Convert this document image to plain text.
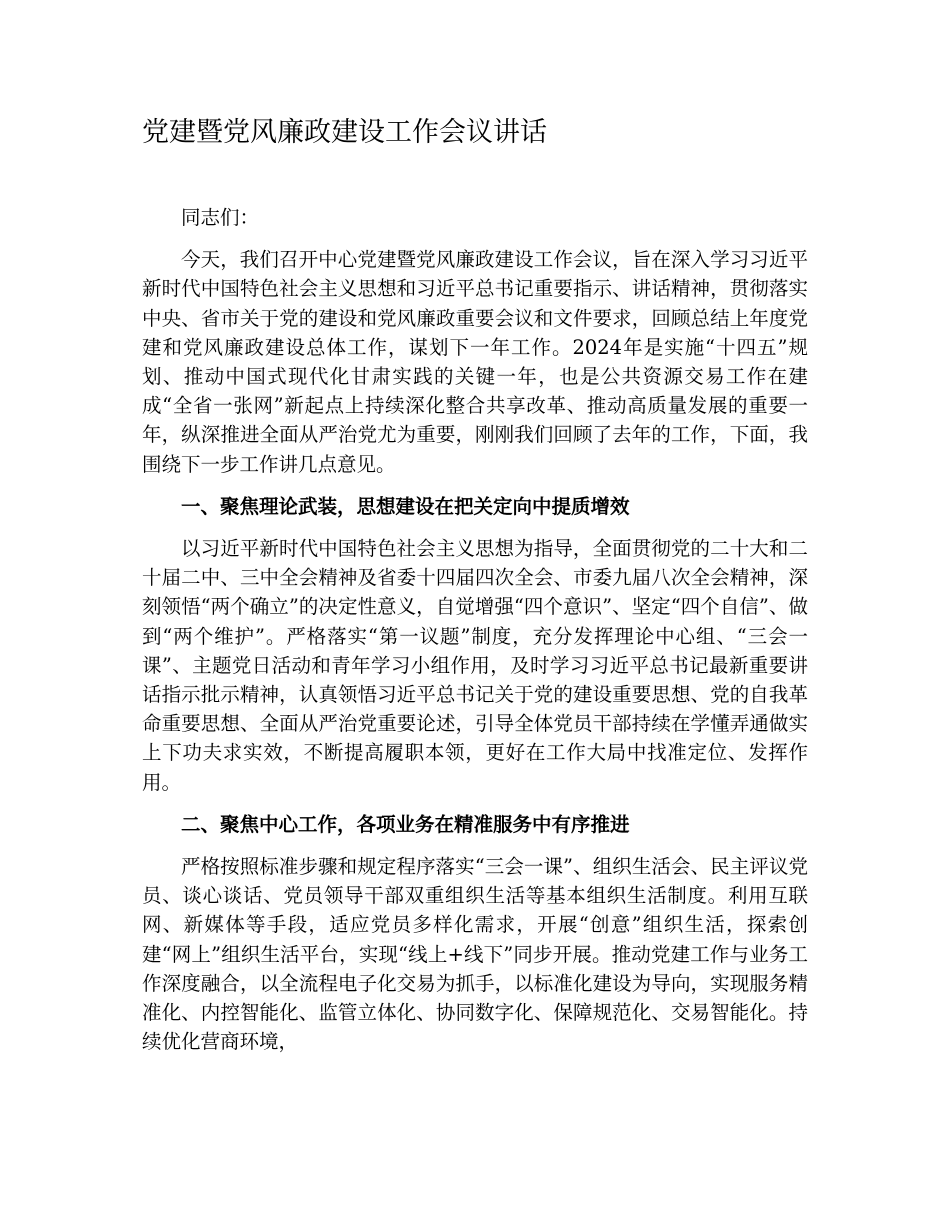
党建暨党风廉政建设工作会议讲话

同志们：

今天，我们召开中心党建暨党风廉政建设工作会议，旨在深入学习习近平新时代中国特色社会主义思想和习近平总书记重要指示、讲话精神，贯彻落实中央、省市关于党的建设和党风廉政重要会议和文件要求，回顾总结上年度党建和党风廉政建设总体工作，谋划下一年工作。2024年是实施“十四五”规划、推动中国式现代化甘肃实践的关键一年，也是公共资源交易工作在建成“全省一张网”新起点上持续深化整合共享改革、推动高质量发展的重要一年，纵深推进全面从严治党尤为重要，刚刚我们回顾了去年的工作，下面，我围绕下一步工作讲几点意见。

一、聚焦理论武装，思想建设在把关定向中提质增效

以习近平新时代中国特色社会主义思想为指导，全面贯彻党的二十大和二十届二中、三中全会精神及省委十四届四次全会、市委九届八次全会精神，深刻领悟“两个确立”的决定性意义，自觉增强“四个意识”、坚定“四个自信”、做到“两个维护”。严格落实“第一议题”制度，充分发挥理论中心组、“三会一课”、主题党日活动和青年学习小组作用，及时学习习近平总书记最新重要讲话指示批示精神，认真领悟习近平总书记关于党的建设重要思想、党的自我革命重要思想、全面从严治党重要论述，引导全体党员干部持续在学懂弄通做实上下功夫求实效，不断提高履职本领，更好在工作大局中找准定位、发挥作用。

二、聚焦中心工作，各项业务在精准服务中有序推进

严格按照标准步骤和规定程序落实“三会一课”、组织生活会、民主评议党员、谈心谈话、党员领导干部双重组织生活等基本组织生活制度。利用互联网、新媒体等手段，适应党员多样化需求，开展“创意”组织生活，探索创建“网上”组织生活平台，实现“线上+线下”同步开展。推动党建工作与业务工作深度融合，以全流程电子化交易为抓手，以标准化建设为导向，实现服务精准化、内控智能化、监管立体化、协同数字化、保障规范化、交易智能化。持续优化营商环境，
